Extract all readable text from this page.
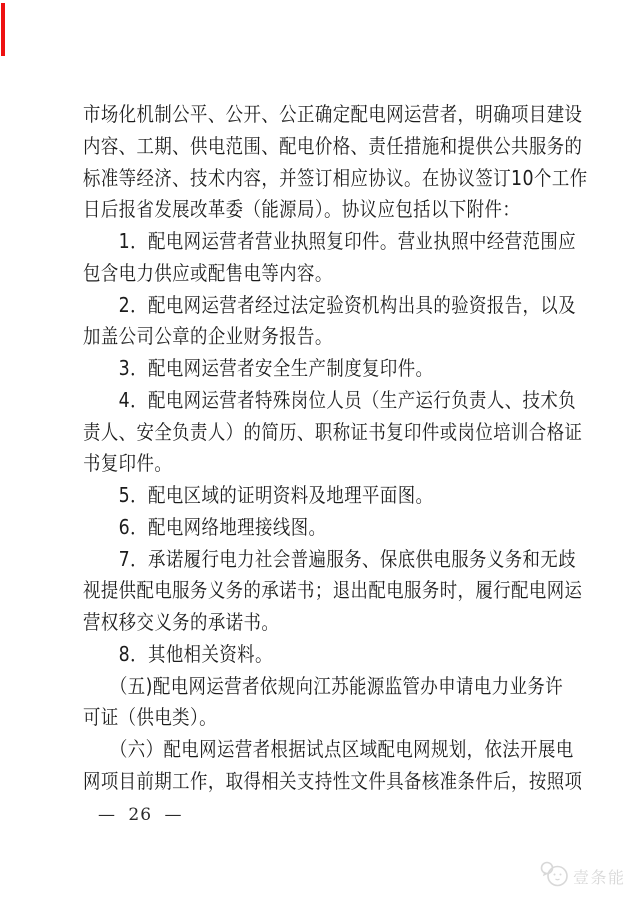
市场化机制公平、公开、公正确定配电网运营者，明确项目建设
内容、工期、供电范围、配电价格、责任措施和提供公共服务的
标准等经济、技术内容，并签订相应协议。在协议签订10个工作
日后报省发展改革委（能源局）。协议应包括以下附件：
　　1．配电网运营者营业执照复印件。营业执照中经营范围应
包含电力供应或配售电等内容。
　　2．配电网运营者经过法定验资机构出具的验资报告，以及
加盖公司公章的企业财务报告。
　　3．配电网运营者安全生产制度复印件。
　　4．配电网运营者特殊岗位人员（生产运行负责人、技术负
责人、安全负责人）的简历、职称证书复印件或岗位培训合格证
书复印件。
　　5．配电区域的证明资料及地理平面图。
　　6．配电网络地理接线图。
　　7．承诺履行电力社会普遍服务、保底供电服务义务和无歧
视提供配电服务义务的承诺书；退出配电服务时，履行配电网运
营权移交义务的承诺书。
　　8．其他相关资料。
　　（五)配电网运营者依规向江苏能源监管办申请电力业务许
可证（供电类）。
　　（六）配电网运营者根据试点区域配电网规划，依法开展电
网项目前期工作，取得相关支持性文件具备核准条件后，按照项
— 26 —
壹条能
